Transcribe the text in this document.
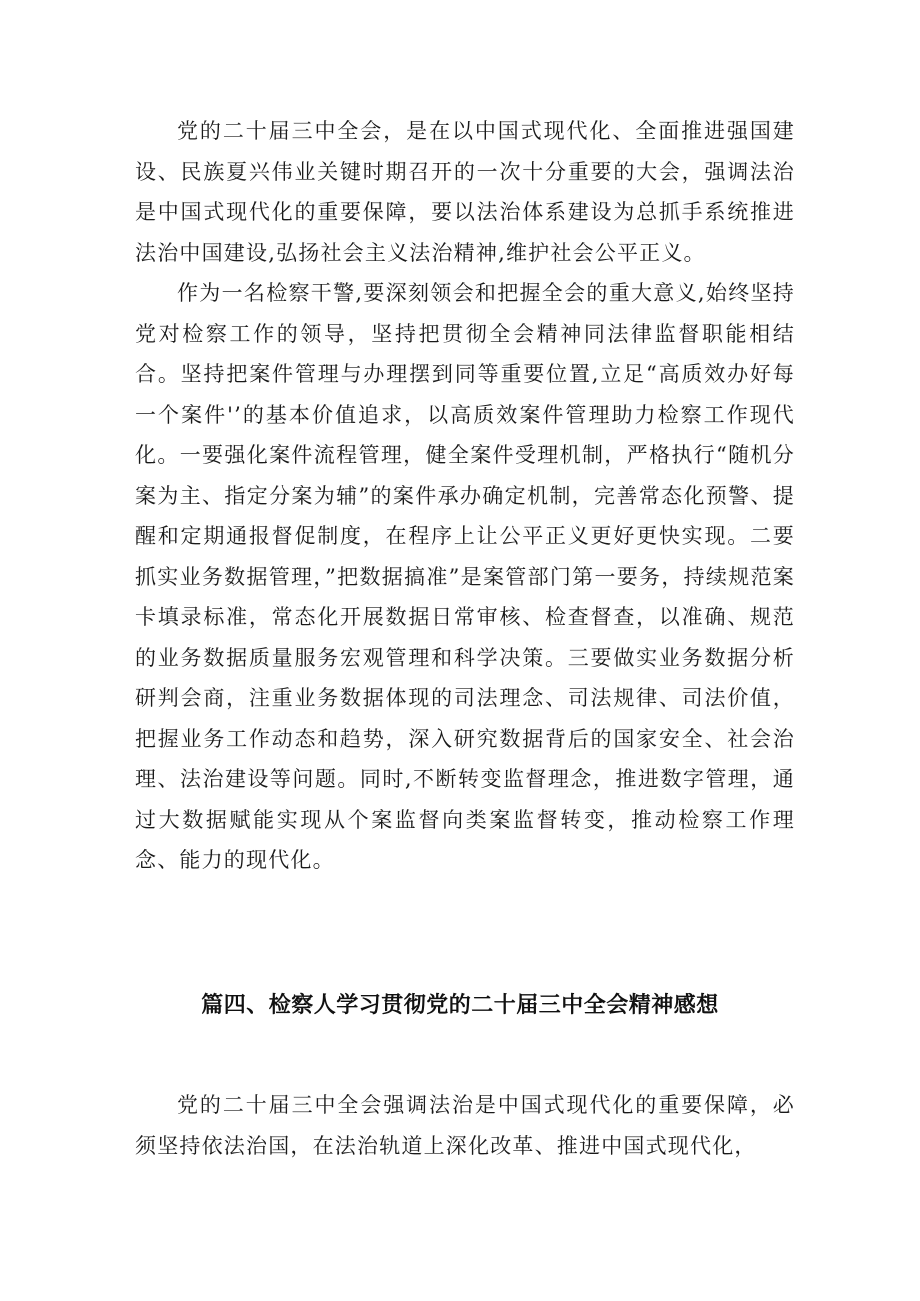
党的二十届三中全会，是在以中国式现代化、全面推进强国建设、民族夏兴伟业关键时期召开的一次十分重要的大会，强调法治是中国式现代化的重要保障，要以法治体系建设为总抓手系统推进法治中国建设,弘扬社会主义法治精神,维护社会公平正义。

作为一名检察干警,要深刻领会和把握全会的重大意义,始终坚持党对检察工作的领导，坚持把贯彻全会精神同法律监督职能相结合。坚持把案件管理与办理摆到同等重要位置,立足“高质效办好每一个案件'’的基本价值追求，以高质效案件管理助力检察工作现代化。一要强化案件流程管理，健全案件受理机制，严格执行“随机分案为主、指定分案为辅”的案件承办确定机制，完善常态化预警、提醒和定期通报督促制度，在程序上让公平正义更好更快实现。二要抓实业务数据管理，”把数据搞准”是案管部门第一要务，持续规范案卡填录标准，常态化开展数据日常审核、检查督查，以准确、规范的业务数据质量服务宏观管理和科学决策。三要做实业务数据分析研判会商，注重业务数据体现的司法理念、司法规律、司法价值，把握业务工作动态和趋势，深入研究数据背后的国家安全、社会治理、法治建设等问题。同时,不断转变监督理念，推进数字管理，通过大数据赋能实现从个案监督向类案监督转变，推动检察工作理念、能力的现代化。

篇四、检察人学习贯彻党的二十届三中全会精神感想

党的二十届三中全会强调法治是中国式现代化的重要保障，必须坚持依法治国，在法治轨道上深化改革、推进中国式现代化，
